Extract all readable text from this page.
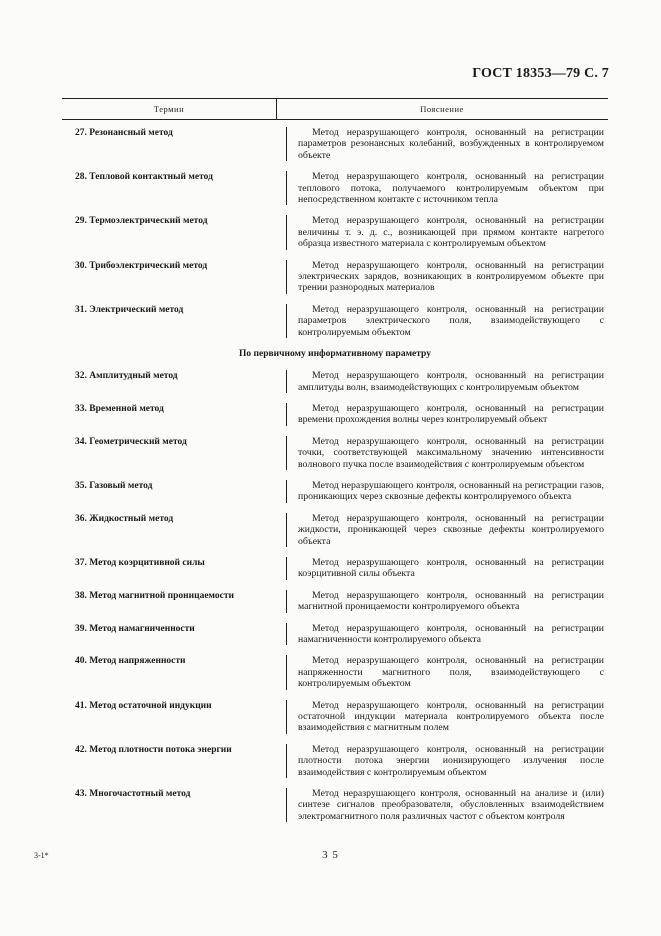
ГОСТ 18353—79 С. 7
Термин	Пояснение
27. Резонансный метод	Метод неразрушающего контроля, основанный на регистрации параметров резонансных колебаний, возбужденных в контролируемом объекте
28. Тепловой контактный метод	Метод неразрушающего контроля, основанный на регистрации теплового потока, получаемого контролируемым объектом при непосредственном контакте с источником тепла
29. Термоэлектрический метод	Метод неразрушающего контроля, основанный на регистрации величины т. э. д. с., возникающей при прямом контакте нагретого образца известного материала с контролируемым объектом
30. Трибоэлектрический метод	Метод неразрушающего контроля, основанный на регистрации электрических зарядов, возникающих в контролируемом объекте при трении разнородных материалов
31. Электрический метод	Метод неразрушающего контроля, основанный на регистрации параметров электрического поля, взаимодействующего с контролируемым объектом
По первичному информативному параметру
32. Амплитудный метод	Метод неразрушающего контроля, основанный на регистрации амплитуды волн, взаимодействующих с контролируемым объектом
33. Временной метод	Метод неразрушающего контроля, основанный на регистрации времени прохождения волны через контролируемый объект
34. Геометрический метод	Метод неразрушающего контроля, основанный на регистрации точки, соответствующей максимальному значению интенсивности волнового пучка после взаимодействия с контролируемым объектом
35. Газовый метод	Метод неразрушающего контроля, основанный на регистрации газов, проникающих через сквозные дефекты контролируемого объекта
36. Жидкостный метод	Метод неразрушающего контроля, основанный на регистрации жидкости, проникающей через сквозные дефекты контролируемого объекта
37. Метод коэрцитивной силы	Метод неразрушающего контроля, основанный на регистрации коэрцитивной силы объекта
38. Метод магнитной проницаемости	Метод неразрушающего контроля, основанный на регистрации магнитной проницаемости контролируемого объекта
39. Метод намагниченности	Метод неразрушающего контроля, основанный на регистрации намагниченности контролируемого объекта
40. Метод напряженности	Метод неразрушающего контроля, основанный на регистрации напряженности магнитного поля, взаимодействующего с контролируемым объектом
41. Метод остаточной индукции	Метод неразрушающего контроля, основанный на регистрации остаточной индукции материала контролируемого объекта после взаимодействия с магнитным полем
42. Метод плотности потока энергии	Метод неразрушающего контроля, основанный на регистрации плотности потока энергии ионизирующего излучения после взаимодействия с контролируемым объектом
43. Многочастотный метод	Метод неразрушающего контроля, основанный на анализе и (или) синтезе сигналов преобразователя, обусловленных взаимодействием электромагнитного поля различных частот с объектом контроля
3-1*	3 5
